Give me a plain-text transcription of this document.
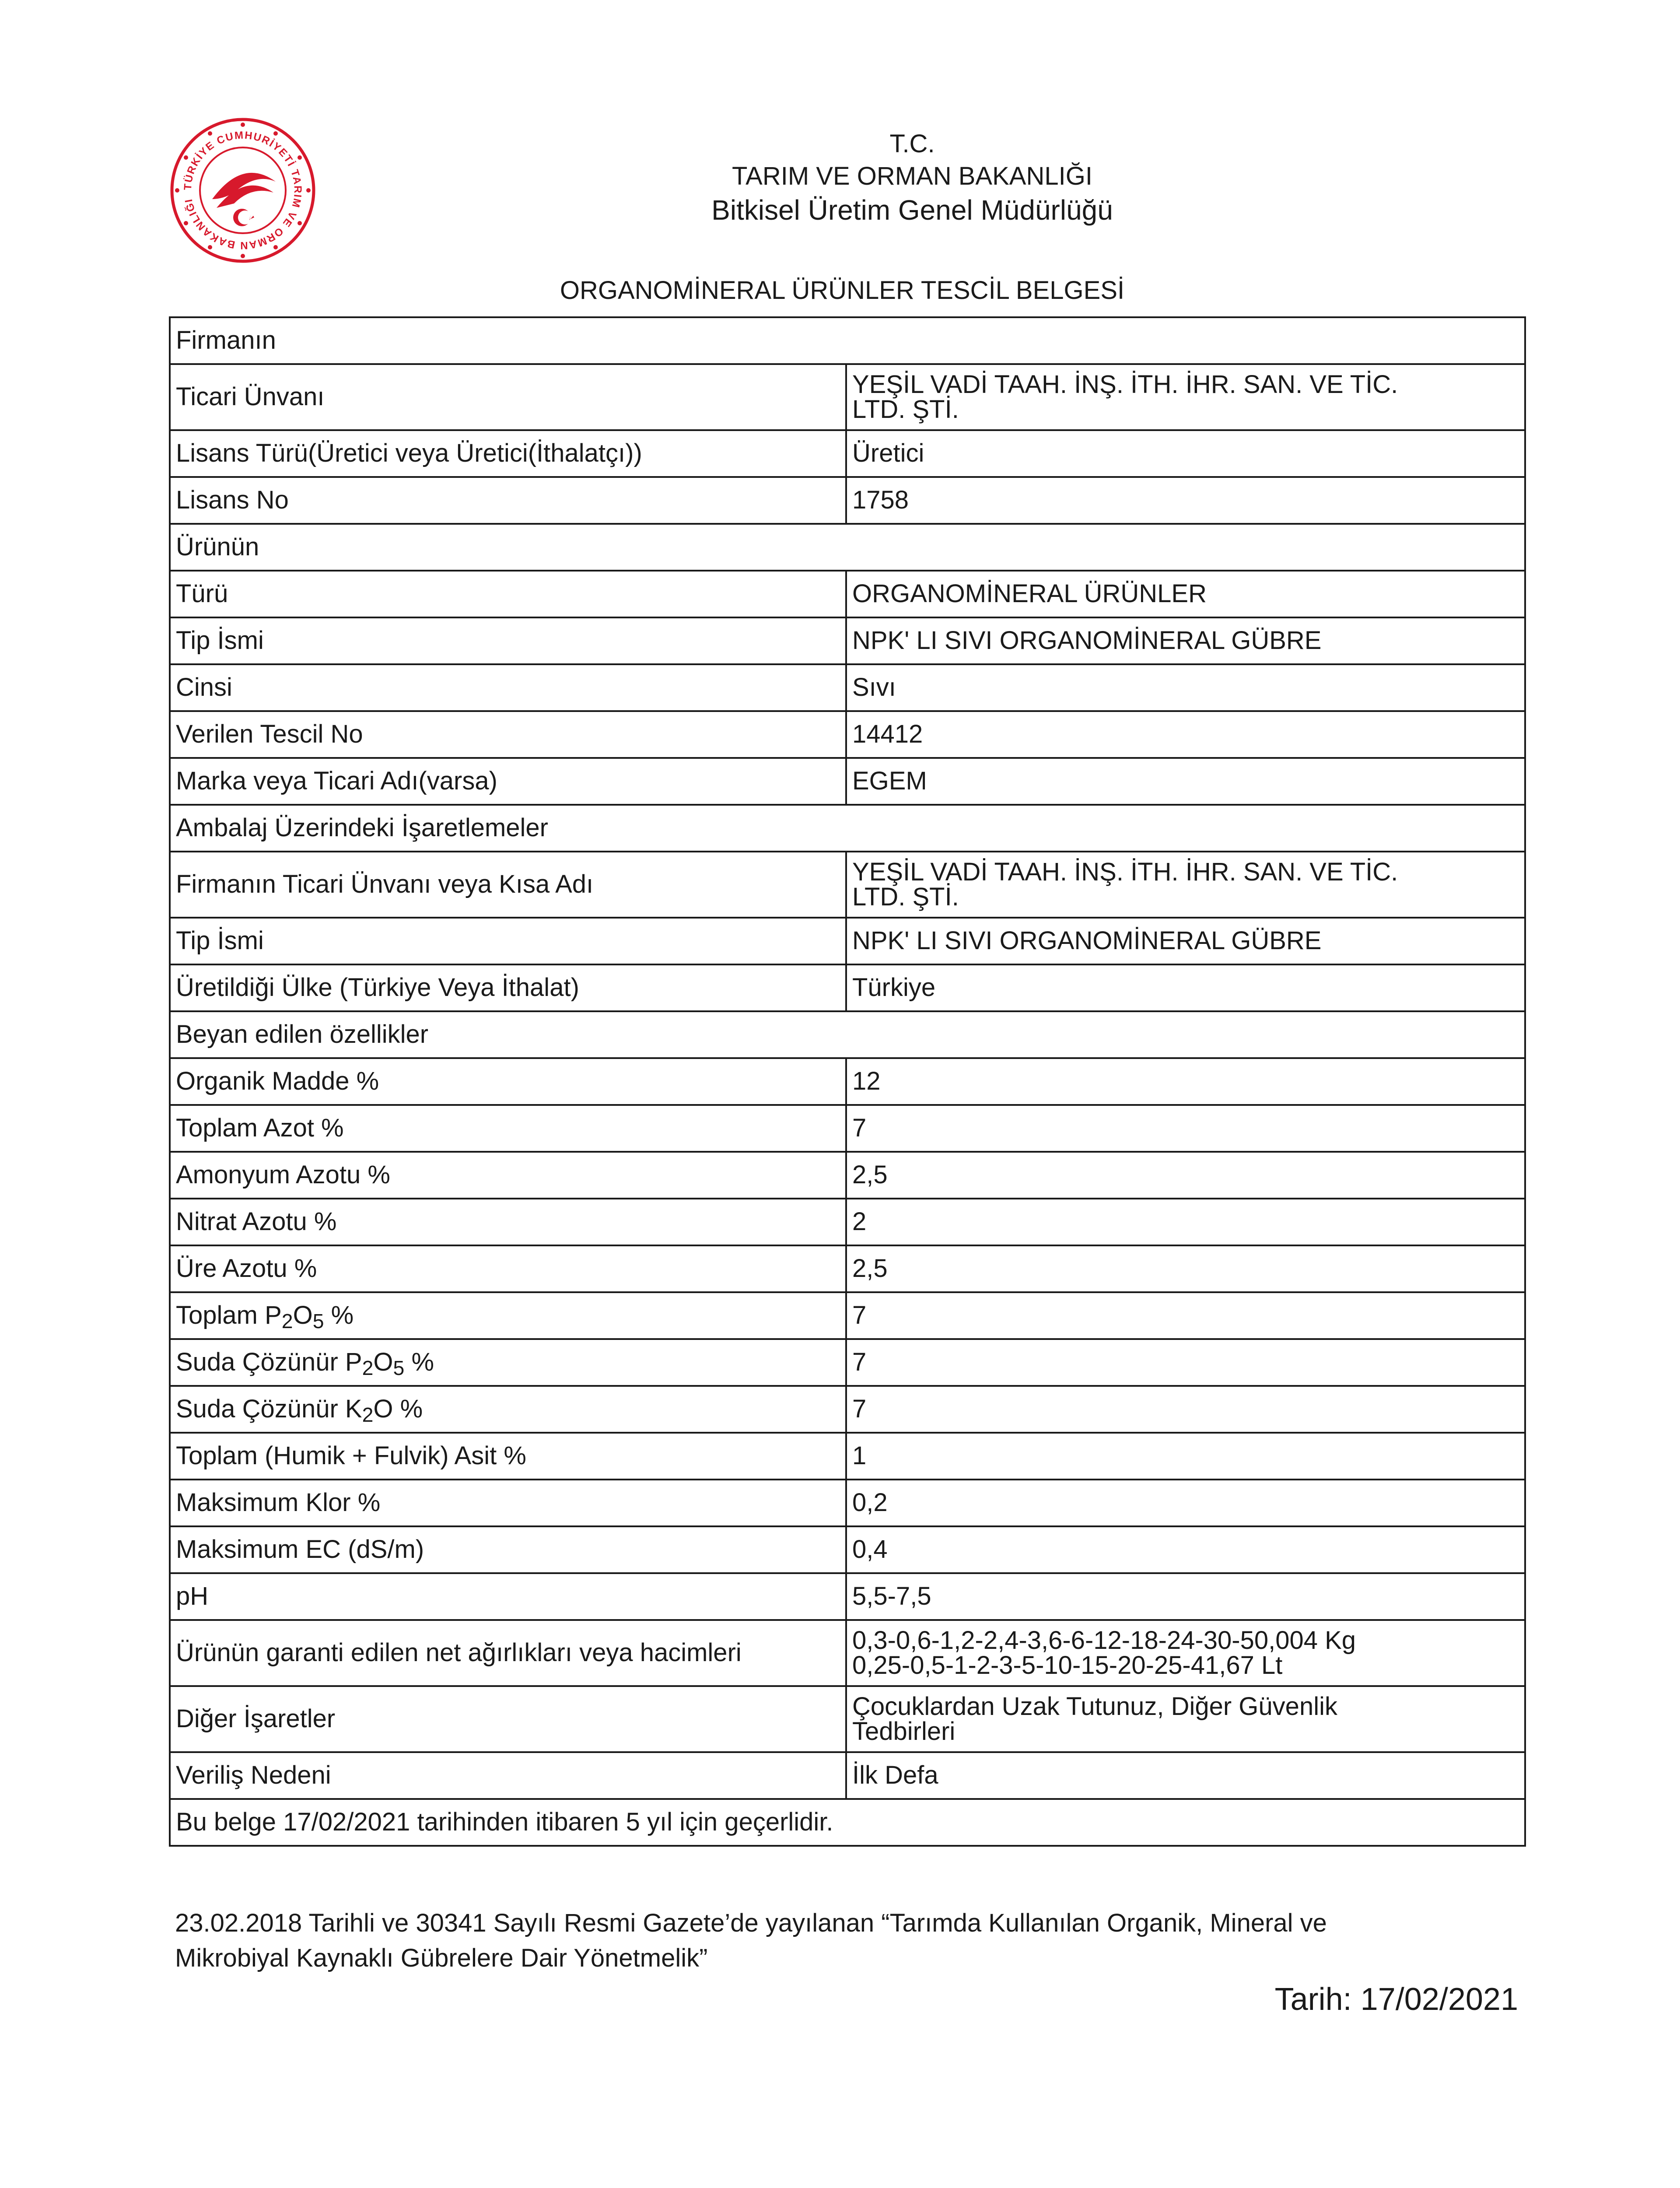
TÜRKİYE CUMHURİYETİ TARIM VE ORMAN BAKANLIĞI
T.C.
TARIM VE ORMAN BAKANLIĞI
Bitkisel Üretim Genel Müdürlüğü
ORGANOMİNERAL ÜRÜNLER TESCİL BELGESİ
Firmanın	
Ticari Ünvanı	YEŞİL VADİ TAAH. İNŞ. İTH. İHR. SAN. VE TİC.
LTD. ŞTİ.

Lisans Türü(Üretici veya Üretici(İthalatçı))	Üretici
Lisans No	1758
Ürünün	
Türü	ORGANOMİNERAL ÜRÜNLER
Tip İsmi	NPK' LI SIVI ORGANOMİNERAL GÜBRE
Cinsi	Sıvı
Verilen Tescil No	14412
Marka veya Ticari Adı(varsa)	EGEM
Ambalaj Üzerindeki İşaretlemeler	
Firmanın Ticari Ünvanı veya Kısa Adı	YEŞİL VADİ TAAH. İNŞ. İTH. İHR. SAN. VE TİC.
LTD. ŞTİ.

Tip İsmi	NPK' LI SIVI ORGANOMİNERAL GÜBRE
Üretildiği Ülke (Türkiye Veya İthalat)	Türkiye
Beyan edilen özellikler	
Organik Madde %	12
Toplam Azot %	7
Amonyum Azotu %	2,5
Nitrat Azotu %	2
Üre Azotu %	2,5
Toplam $P_2O_5$ %	7
Suda Çözünür $P_2O_5$ %	7
Suda Çözünür $K_2O$ %	7
Toplam (Humik + Fulvik) Asit %	1
Maksimum Klor %	0,2
Maksimum EC (dS/m)	0,4
pH	5,5-7,5
Ürünün garanti edilen net ağırlıkları veya hacimleri	0,3-0,6-1,2-2,4-3,6-6-12-18-24-30-50,004 Kg
0,25-0,5-1-2-3-5-10-15-20-25-41,67 Lt

Diğer İşaretler	Çocuklardan Uzak Tutunuz, Diğer Güvenlik
Tedbirleri

Veriliş Nedeni	İlk Defa
Bu belge 17/02/2021 tarihinden itibaren 5 yıl için geçerlidir.	
23.02.2018 Tarihli ve 30341 Sayılı Resmi Gazete’de yayılanan “Tarımda Kullanılan Organik, Mineral ve
Mikrobiyal Kaynaklı Gübrelere Dair Yönetmelik”
Tarih: 17/02/2021
